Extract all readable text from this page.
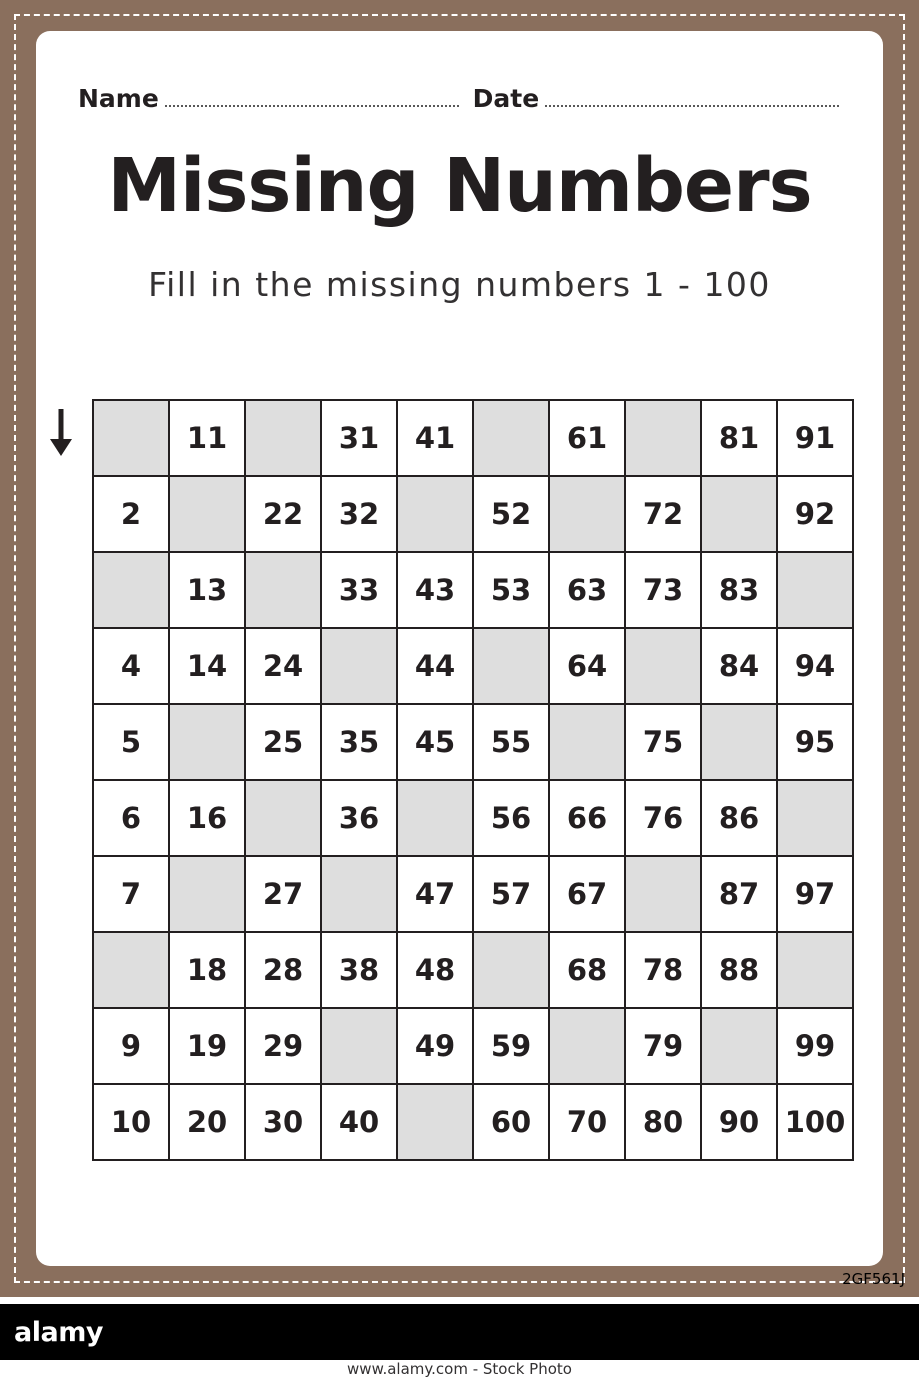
Name	Date
Missing Numbers
Fill in the missing numbers 1 - 100
	11		31	41		61		81	91
2		22	32		52		72		92
	13		33	43	53	63	73	83	
4	14	24		44		64		84	94
5		25	35	45	55		75		95
6	16		36		56	66	76	86	
7		27		47	57	67		87	97
	18	28	38	48		68	78	88	
9	19	29		49	59		79		99
10	20	30	40		60	70	80	90	100
2GF561J
alamy
www.alamy.com - Stock Photo
